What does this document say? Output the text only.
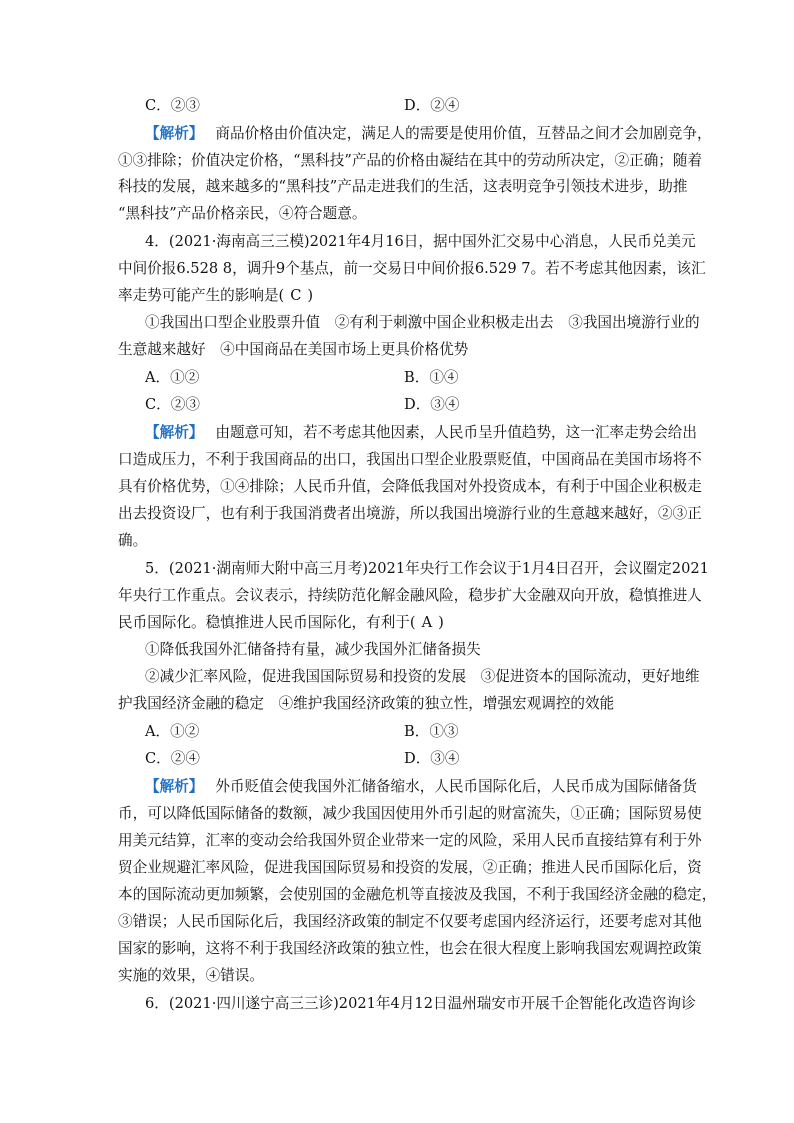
C．②③	D．②④
【解析】 商品价格由价值决定，满足人的需要是使用价值，互替品之间才会加剧竞争，
①③排除；价值决定价格，“黑科技”产品的价格由凝结在其中的劳动所决定，②正确；随着
科技的发展，越来越多的“黑科技”产品走进我们的生活，这表明竞争引领技术进步，助推
“黑科技”产品价格亲民，④符合题意。
4．(2021·海南高三三模)2021年4月16日，据中国外汇交易中心消息，人民币兑美元
中间价报6.528 8，调升9个基点，前一交易日中间价报6.529 7。若不考虑其他因素，该汇
率走势可能产生的影响是( C )
①我国出口型企业股票升值　②有利于刺激中国企业积极走出去　③我国出境游行业的
生意越来越好　④中国商品在美国市场上更具价格优势
A．①②	B．①④
C．②③	D．③④
【解析】 由题意可知，若不考虑其他因素，人民币呈升值趋势，这一汇率走势会给出
口造成压力，不利于我国商品的出口，我国出口型企业股票贬值，中国商品在美国市场将不
具有价格优势，①④排除；人民币升值，会降低我国对外投资成本，有利于中国企业积极走
出去投资设厂，也有利于我国消费者出境游，所以我国出境游行业的生意越来越好，②③正
确。
5．(2021·湖南师大附中高三月考)2021年央行工作会议于1月4日召开，会议圈定2021
年央行工作重点。会议表示，持续防范化解金融风险，稳步扩大金融双向开放，稳慎推进人
民币国际化。稳慎推进人民币国际化，有利于( A )
①降低我国外汇储备持有量，减少我国外汇储备损失
②减少汇率风险，促进我国国际贸易和投资的发展　③促进资本的国际流动，更好地维
护我国经济金融的稳定　④维护我国经济政策的独立性，增强宏观调控的效能
A．①②	B．①③
C．②④	D．③④
【解析】 外币贬值会使我国外汇储备缩水，人民币国际化后，人民币成为国际储备货
币，可以降低国际储备的数额，减少我国因使用外币引起的财富流失，①正确；国际贸易使
用美元结算，汇率的变动会给我国外贸企业带来一定的风险，采用人民币直接结算有利于外
贸企业规避汇率风险，促进我国国际贸易和投资的发展，②正确；推进人民币国际化后，资
本的国际流动更加频繁，会使别国的金融危机等直接波及我国，不利于我国经济金融的稳定，
③错误；人民币国际化后，我国经济政策的制定不仅要考虑国内经济运行，还要考虑对其他
国家的影响，这将不利于我国经济政策的独立性，也会在很大程度上影响我国宏观调控政策
实施的效果，④错误。
6．(2021·四川遂宁高三三诊)2021年4月12日温州瑞安市开展千企智能化改造咨询诊
